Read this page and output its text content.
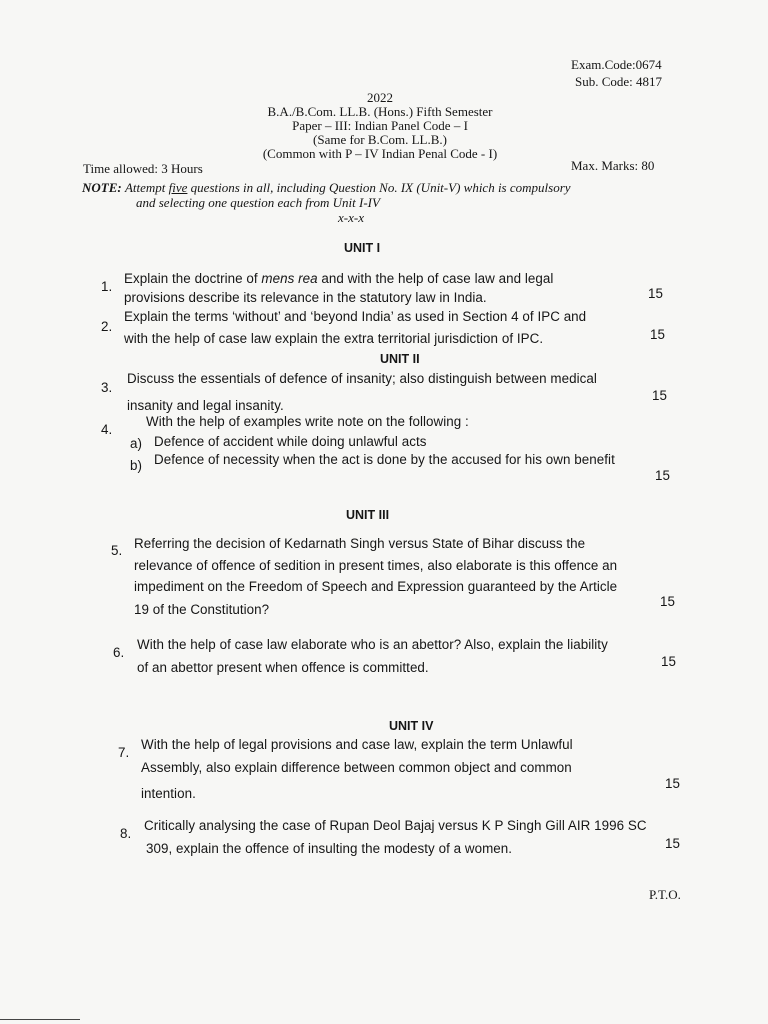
Exam.Code:0674
Sub. Code: 4817
2022
B.A./B.Com. LL.B. (Hons.) Fifth Semester
Paper – III: Indian Panel Code – I
(Same for B.Com. LL.B.)
(Common with P – IV Indian Penal Code - I)
Time allowed: 3 Hours	Max. Marks: 80
NOTE: Attempt five questions in all, including Question No. IX (Unit-V) which is compulsory
and selecting one question each from Unit I-IV
x-x-x
UNIT I
1.
Explain the doctrine of mens rea and with the help of case law and legal
provisions describe its relevance in the statutory law in India.	15
2.
Explain the terms ‘without’ and ‘beyond India’ as used in Section 4 of IPC and
with the help of case law explain the extra territorial jurisdiction of IPC.	15
UNIT II
3.
Discuss the essentials of defence of insanity; also distinguish between medical
insanity and legal insanity.
15
4.
With the help of examples write note on the following :
a) Defence of accident while doing unlawful acts
b) Defence of necessity when the act is done by the accused for his own benefit
15
UNIT III
5. Referring the decision of Kedarnath Singh versus State of Bihar discuss the
relevance of offence of sedition in present times, also elaborate is this offence an
impediment on the Freedom of Speech and Expression guaranteed by the Article
19 of the Constitution?
15
6.
With the help of case law elaborate who is an abettor? Also, explain the liability
of an abettor present when offence is committed.	15
UNIT IV
7.
With the help of legal provisions and case law, explain the term Unlawful
Assembly, also explain difference between common object and common
intention.
15
8.
Critically analysing the case of Rupan Deol Bajaj versus K P Singh Gill AIR 1996 SC
309, explain the offence of insulting the modesty of a women.	15
P.T.O.
